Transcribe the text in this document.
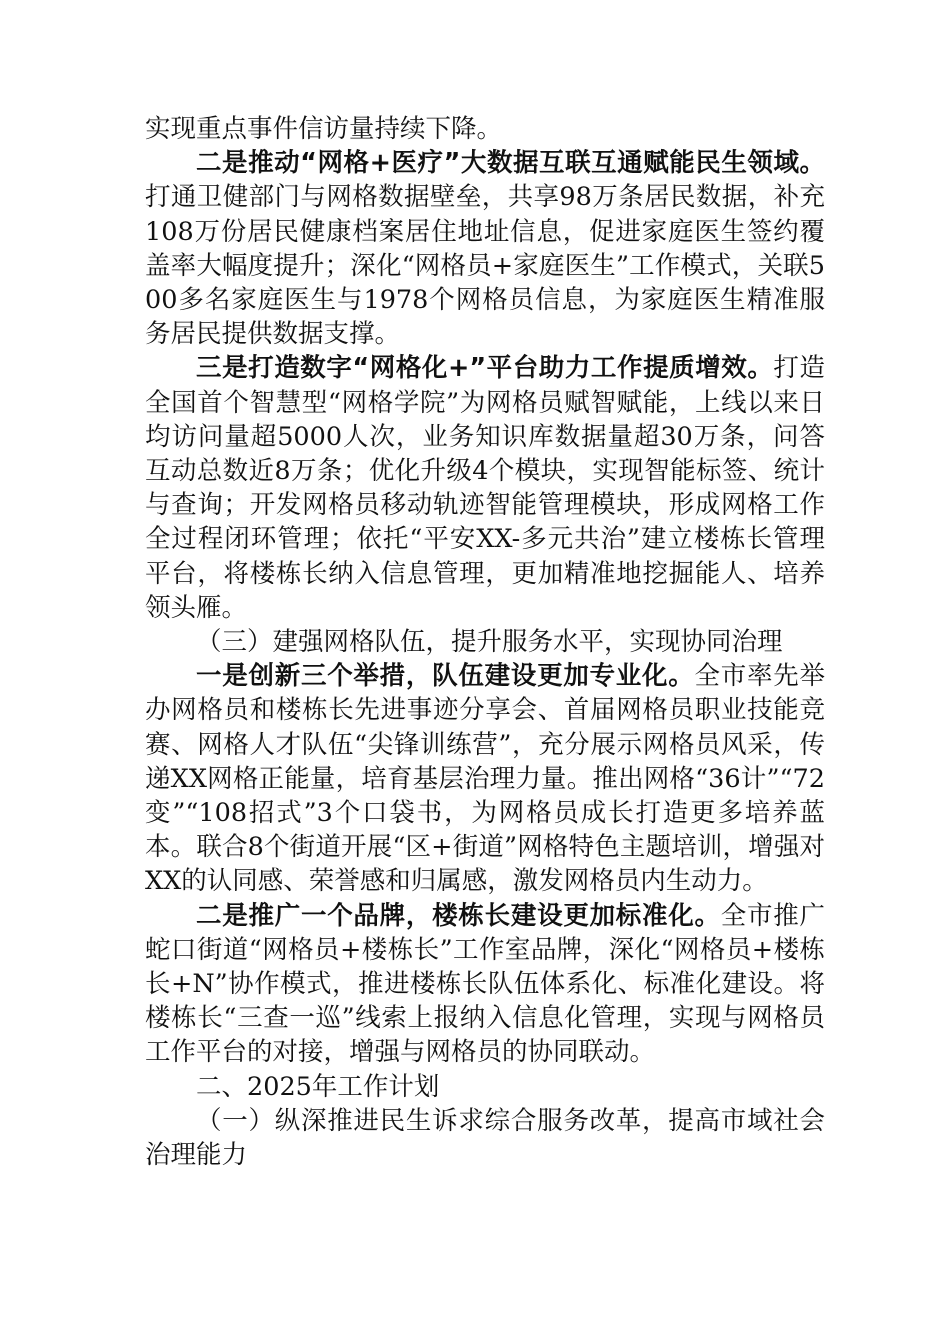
实现重点事件信访量持续下降。

二是推动“网格+医疗”大数据互联互通赋能民生领域。打通卫健部门与网格数据壁垒，共享98万条居民数据，补充108万份居民健康档案居住地址信息，促进家庭医生签约覆盖率大幅度提升；深化“网格员+家庭医生”工作模式，关联500多名家庭医生与1978个网格员信息，为家庭医生精准服务居民提供数据支撑。

三是打造数字“网格化+”平台助力工作提质增效。打造全国首个智慧型“网格学院”为网格员赋智赋能，上线以来日均访问量超5000人次，业务知识库数据量超30万条，问答互动总数近8万条；优化升级4个模块，实现智能标签、统计与查询；开发网格员移动轨迹智能管理模块，形成网格工作全过程闭环管理；依托“平安XX-多元共治”建立楼栋长管理平台，将楼栋长纳入信息管理，更加精准地挖掘能人、培养领头雁。

（三）建强网格队伍，提升服务水平，实现协同治理

一是创新三个举措，队伍建设更加专业化。全市率先举办网格员和楼栋长先进事迹分享会、首届网格员职业技能竞赛、网格人才队伍“尖锋训练营”，充分展示网格员风采，传递XX网格正能量，培育基层治理力量。推出网格“36计”“72变”“108招式”3个口袋书，为网格员成长打造更多培养蓝本。联合8个街道开展“区+街道”网格特色主题培训，增强对XX的认同感、荣誉感和归属感，激发网格员内生动力。

二是推广一个品牌，楼栋长建设更加标准化。全市推广蛇口街道“网格员+楼栋长”工作室品牌，深化“网格员+楼栋长+N”协作模式，推进楼栋长队伍体系化、标准化建设。将楼栋长“三查一巡”线索上报纳入信息化管理，实现与网格员工作平台的对接，增强与网格员的协同联动。

二、2025年工作计划

（一）纵深推进民生诉求综合服务改革，提高市域社会治理能力
